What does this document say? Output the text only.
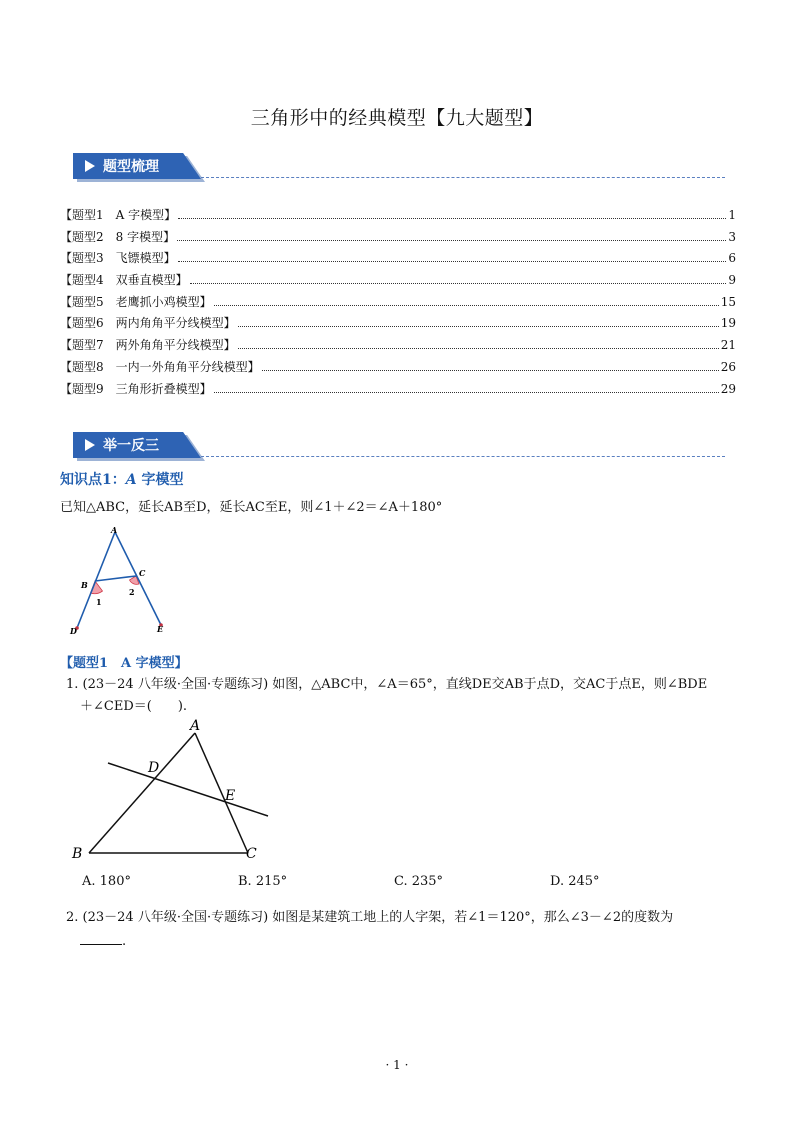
三角形中的经典模型【九大题型】
题型梳理
【题型1　A 字模型】	1
【题型2　8 字模型】	3
【题型3　飞镖模型】	6
【题型4　双垂直模型】	9
【题型5　老鹰抓小鸡模型】	15
【题型6　两内角角平分线模型】	19
【题型7　两外角角平分线模型】	21
【题型8　一内一外角角平分线模型】	26
【题型9　三角形折叠模型】	29
举一反三
知识点1：A 字模型
已知△ABC，延长AB至D，延长AC至E，则∠1＋∠2＝∠A＋180°
A
B
C
D	E
1
2
【题型1　A 字模型】
1. (23－24 八年级·全国·专题练习) 如图，△ABC中，∠A＝65°，直线DE交AB于点D，交AC于点E，则∠BDE
＋∠CED＝(　　).
A
B	C
D
E
A. 180°	B. 215°	C. 235°	D. 245°
2. (23－24 八年级·全国·专题练习) 如图是某建筑工地上的人字架，若∠1＝120°，那么∠3－∠2的度数为
.
· 1 ·
